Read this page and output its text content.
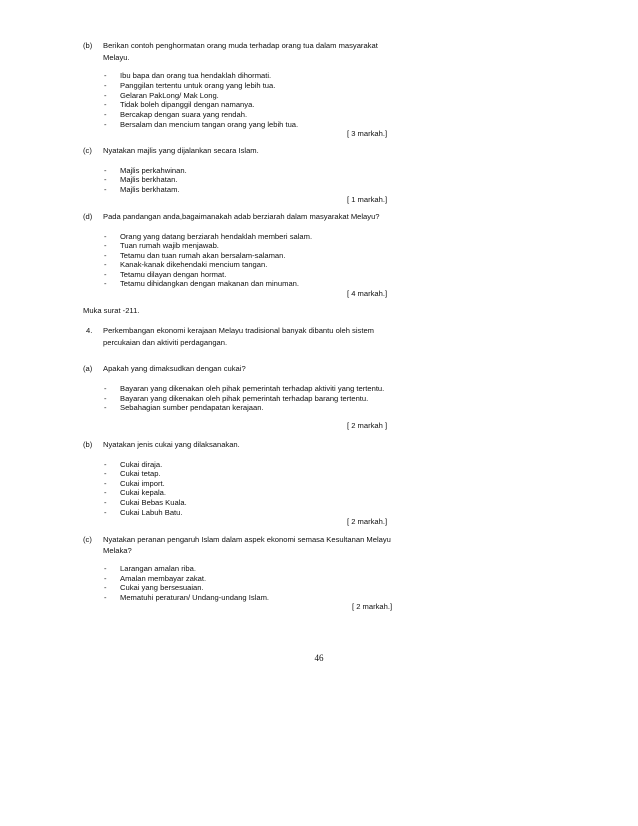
(b) Berikan contoh penghormatan orang muda terhadap orang tua dalam masyarakat
Melayu.
- Ibu bapa dan orang tua hendaklah dihormati.
- Panggilan tertentu untuk orang yang lebih tua.
- Gelaran PakLong/ Mak Long.
- Tidak boleh dipanggil dengan namanya.
- Bercakap dengan suara yang rendah.
- Bersalam dan mencium tangan orang yang lebih tua.
[ 3 markah.]
(c) Nyatakan majlis yang dijalankan secara Islam.
- Majlis perkahwinan.
- Majlis berkhatan.
- Majlis berkhatam.
[ 1 markah.]
(d) Pada pandangan anda,bagaimanakah adab berziarah dalam masyarakat Melayu?
- Orang yang datang berziarah hendaklah memberi salam.
- Tuan rumah wajib menjawab.
- Tetamu dan tuan rumah akan bersalam-salaman.
- Kanak-kanak dikehendaki mencium tangan.
- Tetamu dilayan dengan hormat.
- Tetamu dihidangkan dengan makanan dan minuman.
[ 4 markah.]
Muka surat -211.
4. Perkembangan ekonomi kerajaan Melayu tradisional banyak dibantu oleh sistem
percukaian dan aktiviti perdagangan.
(a) Apakah yang dimaksudkan dengan cukai?
- Bayaran yang dikenakan oleh pihak pemerintah terhadap aktiviti yang tertentu.
- Bayaran yang dikenakan oleh pihak pemerintah terhadap barang tertentu.
- Sebahagian sumber pendapatan kerajaan.
[ 2 markah ]
(b) Nyatakan jenis cukai yang dilaksanakan.
- Cukai diraja.
- Cukai tetap.
- Cukai import.
- Cukai kepala.
- Cukai Bebas Kuala.
- Cukai Labuh Batu.
[ 2 markah.]
(c) Nyatakan peranan pengaruh Islam dalam aspek ekonomi semasa Kesultanan Melayu
Melaka?
- Larangan amalan riba.
- Amalan membayar zakat.
- Cukai yang bersesuaian.
- Mematuhi peraturan/ Undang-undang Islam.
[ 2 markah.]
46
